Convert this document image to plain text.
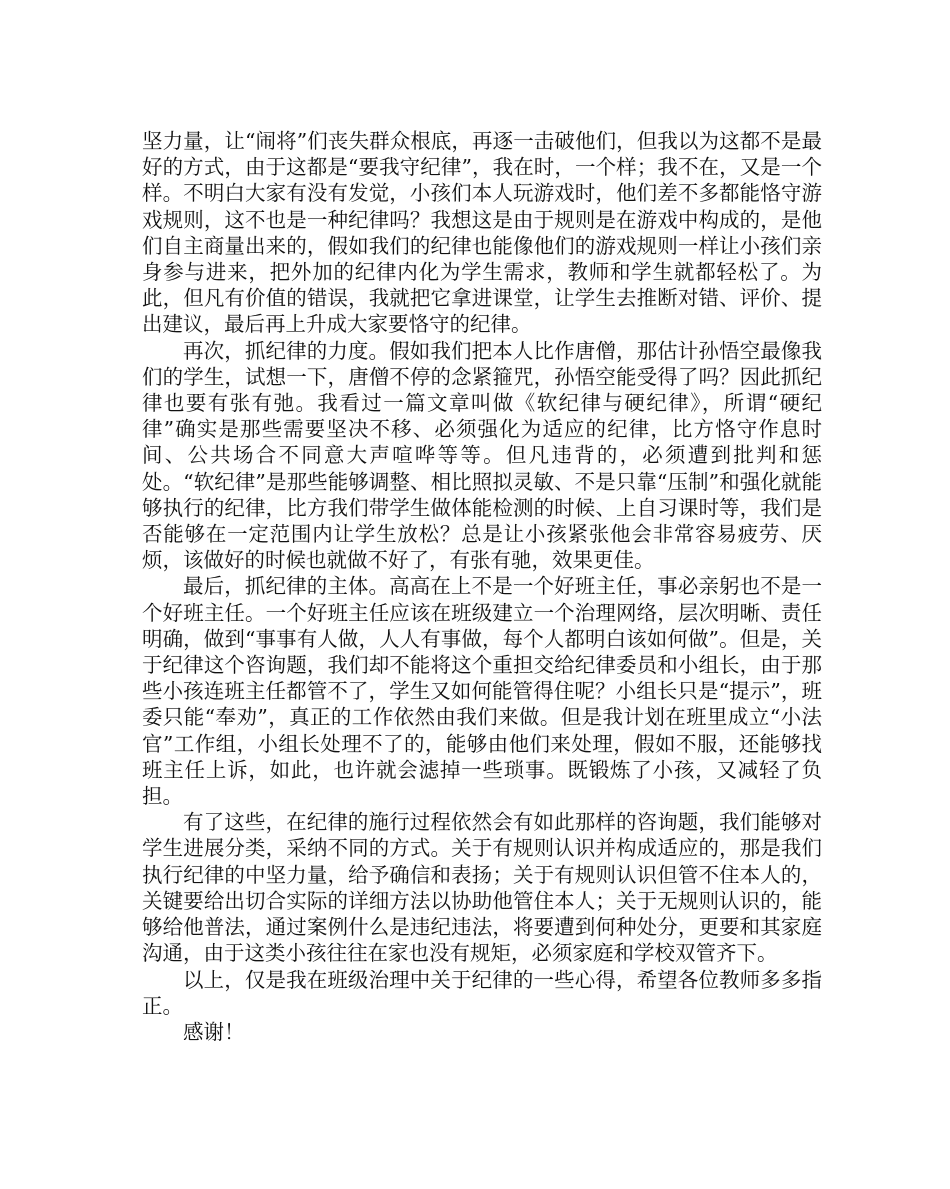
坚力量，让“闹将”们丧失群众根底，再逐一击破他们，但我以为这都不是最好的方式，由于这都是“要我守纪律”，我在时，一个样；我不在，又是一个样。不明白大家有没有发觉，小孩们本人玩游戏时，他们差不多都能恪守游戏规则，这不也是一种纪律吗？我想这是由于规则是在游戏中构成的，是他们自主商量出来的，假如我们的纪律也能像他们的游戏规则一样让小孩们亲身参与进来，把外加的纪律内化为学生需求，教师和学生就都轻松了。为此，但凡有价值的错误，我就把它拿进课堂，让学生去推断对错、评价、提出建议，最后再上升成大家要恪守的纪律。

再次，抓纪律的力度。假如我们把本人比作唐僧，那估计孙悟空最像我们的学生，试想一下，唐僧不停的念紧箍咒，孙悟空能受得了吗？因此抓纪律也要有张有弛。我看过一篇文章叫做《软纪律与硬纪律》，所谓“硬纪律”确实是那些需要坚决不移、必须强化为适应的纪律，比方恪守作息时间、公共场合不同意大声喧哗等等。但凡违背的，必须遭到批判和惩处。“软纪律”是那些能够调整、相比照拟灵敏、不是只靠“压制”和强化就能够执行的纪律，比方我们带学生做体能检测的时候、上自习课时等，我们是否能够在一定范围内让学生放松？总是让小孩紧张他会非常容易疲劳、厌烦，该做好的时候也就做不好了，有张有驰，效果更佳。

最后，抓纪律的主体。高高在上不是一个好班主任，事必亲躬也不是一个好班主任。一个好班主任应该在班级建立一个治理网络，层次明晰、责任明确，做到“事事有人做，人人有事做，每个人都明白该如何做”。但是，关于纪律这个咨询题，我们却不能将这个重担交给纪律委员和小组长，由于那些小孩连班主任都管不了，学生又如何能管得住呢？小组长只是“提示”，班委只能“奉劝”，真正的工作依然由我们来做。但是我计划在班里成立“小法官”工作组，小组长处理不了的，能够由他们来处理，假如不服，还能够找班主任上诉，如此，也许就会滤掉一些琐事。既锻炼了小孩，又减轻了负担。

有了这些，在纪律的施行过程依然会有如此那样的咨询题，我们能够对学生进展分类，采纳不同的方式。关于有规则认识并构成适应的，那是我们执行纪律的中坚力量，给予确信和表扬；关于有规则认识但管不住本人的，关键要给出切合实际的详细方法以协助他管住本人；关于无规则认识的，能够给他普法，通过案例什么是违纪违法，将要遭到何种处分，更要和其家庭沟通，由于这类小孩往往在家也没有规矩，必须家庭和学校双管齐下。

以上，仅是我在班级治理中关于纪律的一些心得，希望各位教师多多指正。

感谢！
